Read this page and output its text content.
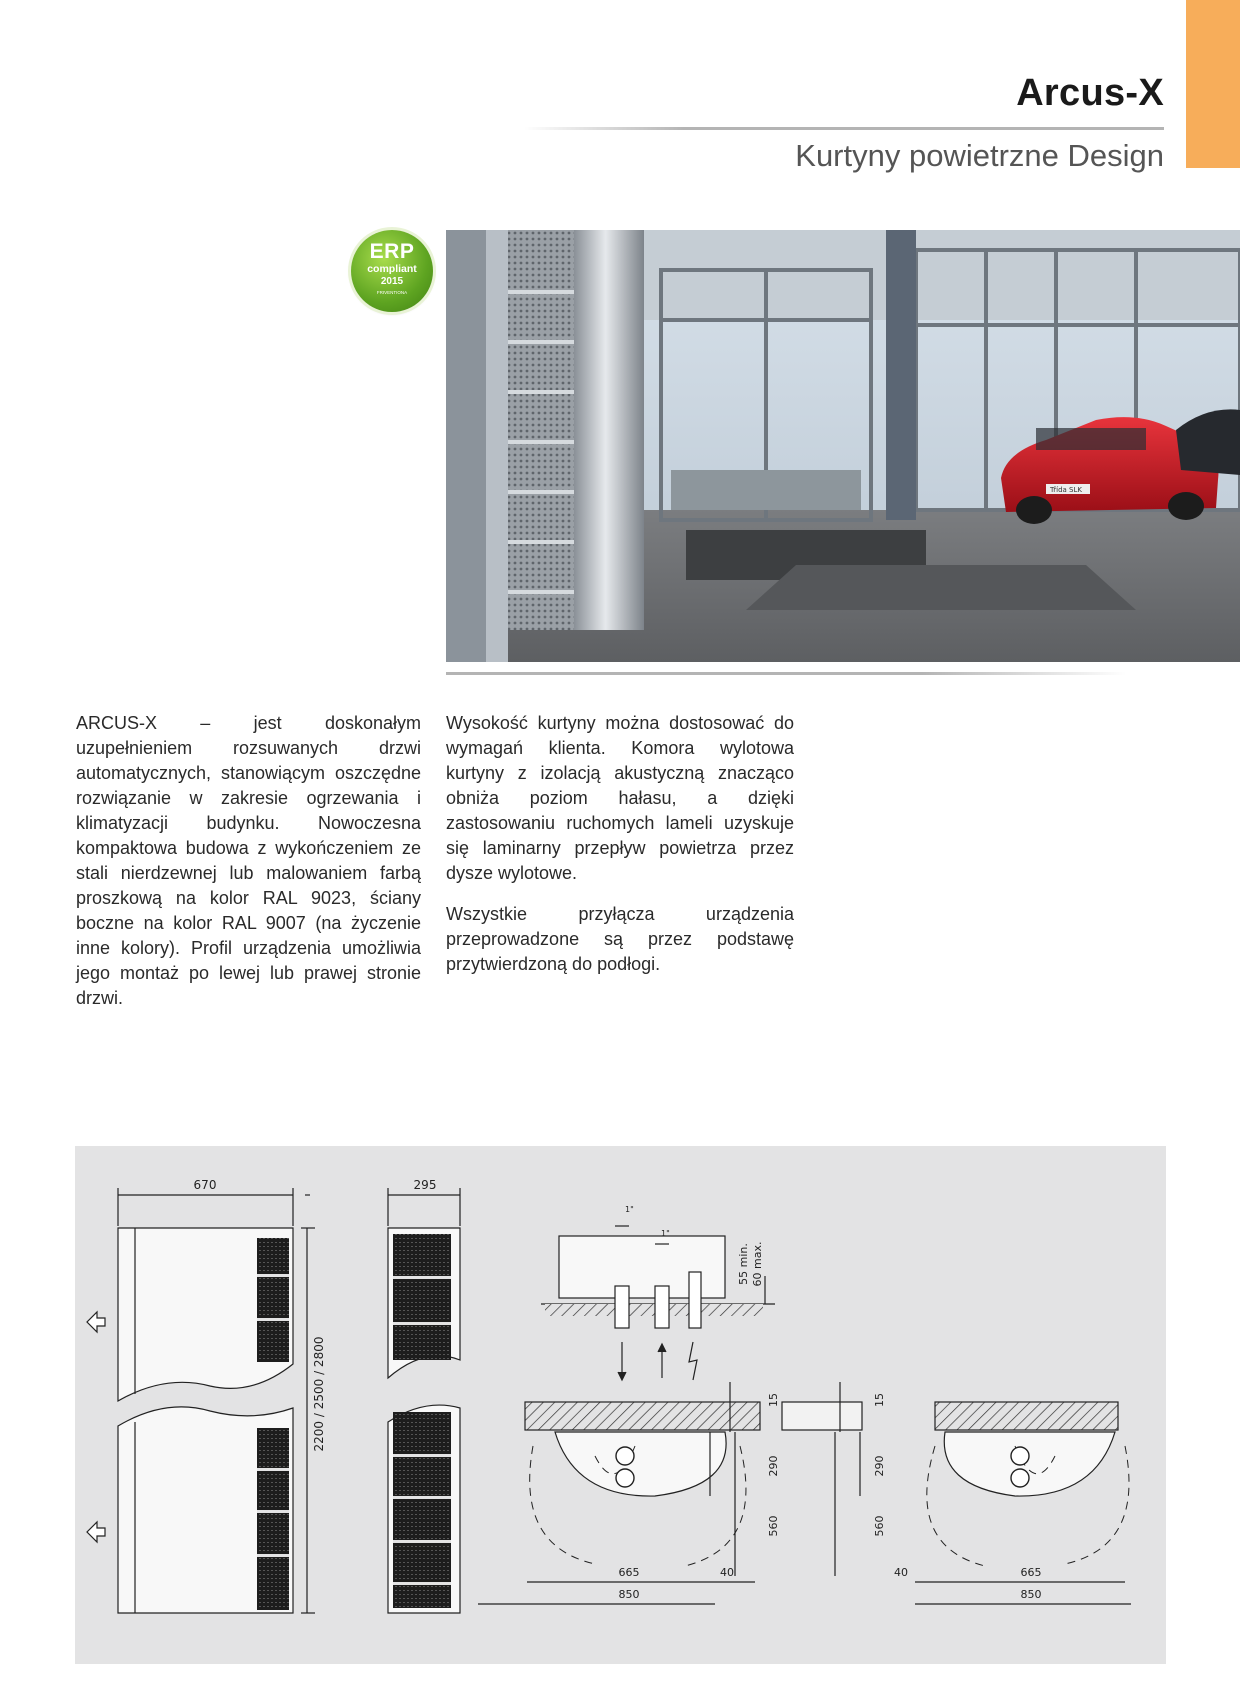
Arcus-X
Kurtyny powietrzne Design
ERP
compliant
2015
FRIVENTIONA
Třída SLK

ARCUS-X – jest doskonałym uzupełnieniem rozsuwanych drzwi automatycznych, stanowiącym oszczędne rozwiązanie w zakresie ogrzewania i klimatyzacji budynku. Nowoczesna kompaktowa budowa z wykończeniem ze stali nierdzewnej lub malowaniem farbą proszkową na kolor RAL 9023, ściany boczne na kolor RAL 9007 (na życzenie inne kolory). Profil urządzenia umożliwia jego montaż po lewej lub prawej stronie drzwi.

Wysokość kurtyny można dostosować do wymagań klienta. Komora wylotowa kurtyny z izolacją akustyczną znacząco obniża poziom hałasu, a dzięki zastosowaniu ruchomych lameli uzyskuje się laminarny przepływ powietrza przez dysze wylotowe.

Wszystkie przyłącza urządzenia przeprowadzone są przez podstawę przytwierdzoną do podłogi.

670
2200 / 2500 / 2800
295
1"
1"
55 min. 60 max.
15	15
290	290
560	560
665	665
40	40
850	850
